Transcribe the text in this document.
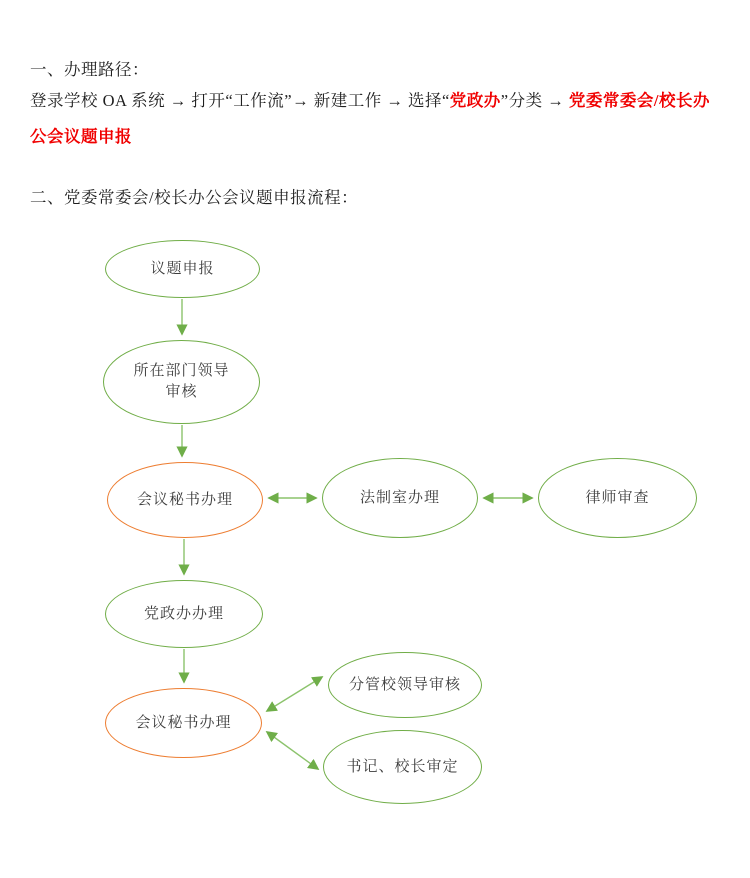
一、办理路径：
登录学校 OA 系统 → 打开“工作流”→ 新建工作 → 选择“党政办”分类 → 党委常委会/校长办
公会议题申报
二、党委常委会/校长办公会议题申报流程：
议题申报
所在部门领导
审核
会议秘书办理	法制室办理	律师审查
党政办办理
会议秘书办理
分管校领导审核
书记、校长审定
